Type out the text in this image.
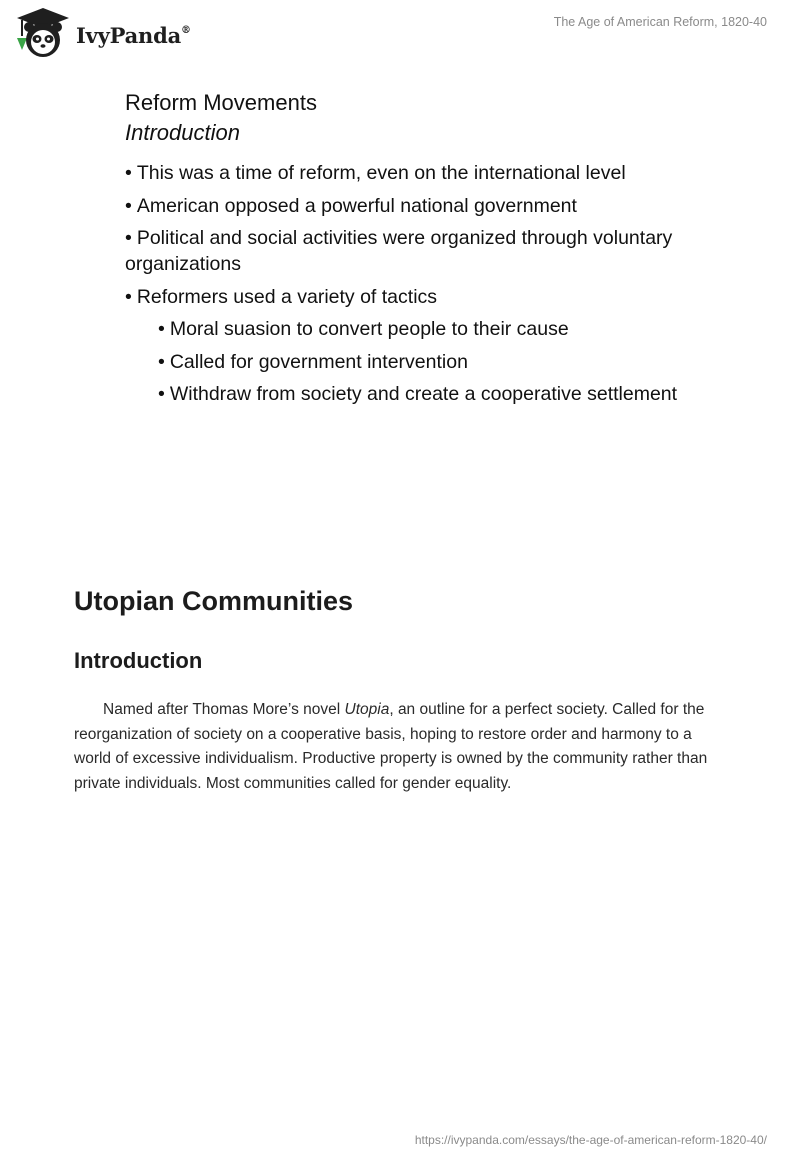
IvyPanda®
The Age of American Reform, 1820-40
Reform Movements
Introduction
• This was a time of reform, even on the international level
• American opposed a powerful national government
• Political and social activities were organized through voluntary organizations
• Reformers used a variety of tactics
• Moral suasion to convert people to their cause
• Called for government intervention
• Withdraw from society and create a cooperative settlement
Utopian Communities
Introduction

Named after Thomas More’s novel Utopia, an outline for a perfect society. Called for the reorganization of society on a cooperative basis, hoping to restore order and harmony to a world of excessive individualism. Productive property is owned by the community rather than private individuals. Most communities called for gender equality.

https://ivypanda.com/essays/the-age-of-american-reform-1820-40/
